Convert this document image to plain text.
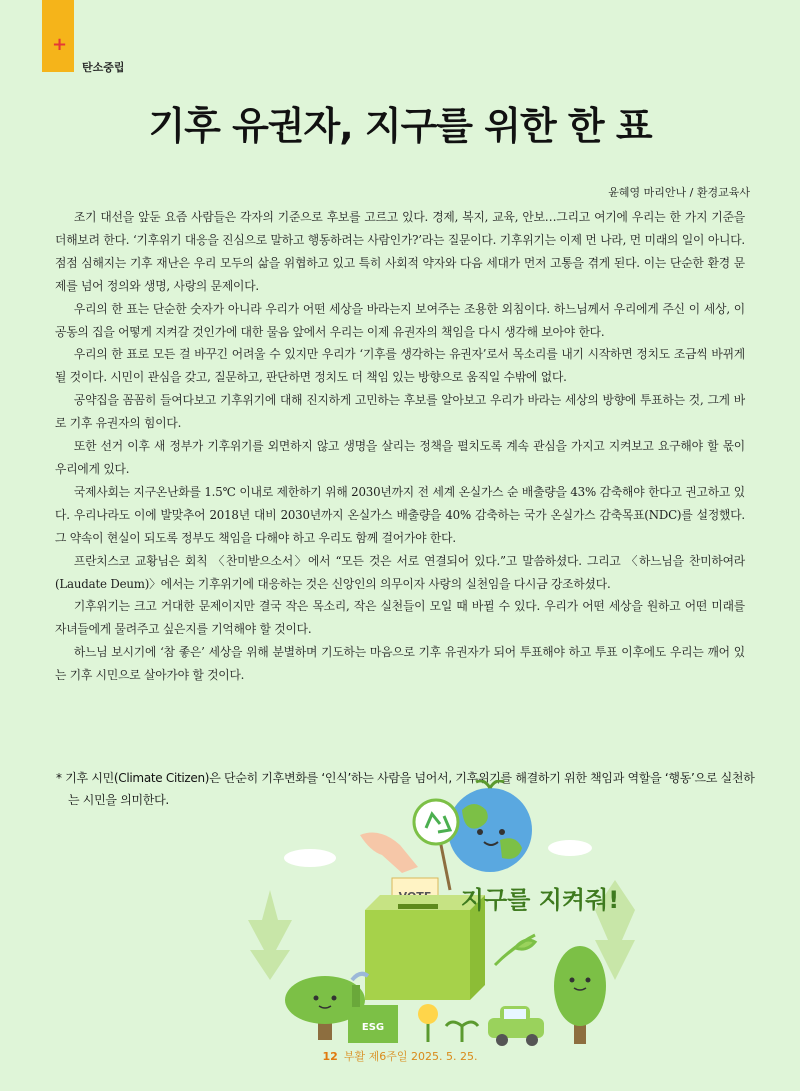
+
탄소중립
기후 유권자, 지구를 위한 한 표
윤혜영 마리안나 / 환경교육사

조기 대선을 앞둔 요즘 사람들은 각자의 기준으로 후보를 고르고 있다. 경제, 복지, 교육, 안보…그리고 여기에 우리는 한 가지 기준을 더해보려 한다. ‘기후위기 대응을 진심으로 말하고 행동하려는 사람인가?’라는 질문이다. 기후위기는 이제 먼 나라, 먼 미래의 일이 아니다. 점점 심해지는 기후 재난은 우리 모두의 삶을 위협하고 있고 특히 사회적 약자와 다음 세대가 먼저 고통을 겪게 된다. 이는 단순한 환경 문제를 넘어 정의와 생명, 사랑의 문제이다.

우리의 한 표는 단순한 숫자가 아니라 우리가 어떤 세상을 바라는지 보여주는 조용한 외침이다. 하느님께서 우리에게 주신 이 세상, 이 공동의 집을 어떻게 지켜갈 것인가에 대한 물음 앞에서 우리는 이제 유권자의 책임을 다시 생각해 보아야 한다.

우리의 한 표로 모든 걸 바꾸긴 어려울 수 있지만 우리가 ‘기후를 생각하는 유권자’로서 목소리를 내기 시작하면 정치도 조금씩 바뀌게 될 것이다. 시민이 관심을 갖고, 질문하고, 판단하면 정치도 더 책임 있는 방향으로 움직일 수밖에 없다.

공약집을 꼼꼼히 들여다보고 기후위기에 대해 진지하게 고민하는 후보를 알아보고 우리가 바라는 세상의 방향에 투표하는 것, 그게 바로 기후 유권자의 힘이다.

또한 선거 이후 새 정부가 기후위기를 외면하지 않고 생명을 살리는 정책을 펼치도록 계속 관심을 가지고 지켜보고 요구해야 할 몫이 우리에게 있다.

국제사회는 지구온난화를 1.5℃ 이내로 제한하기 위해 2030년까지 전 세계 온실가스 순 배출량을 43% 감축해야 한다고 권고하고 있다. 우리나라도 이에 발맞추어 2018년 대비 2030년까지 온실가스 배출량을 40% 감축하는 국가 온실가스 감축목표(NDC)를 설정했다. 그 약속이 현실이 되도록 정부도 책임을 다해야 하고 우리도 함께 걸어가야 한다.

프란치스코 교황님은 회칙 〈찬미받으소서〉에서 “모든 것은 서로 연결되어 있다.”고 말씀하셨다. 그리고 〈하느님을 찬미하여라(Laudate Deum)〉에서는 기후위기에 대응하는 것은 신앙인의 의무이자 사랑의 실천임을 다시금 강조하셨다.

기후위기는 크고 거대한 문제이지만 결국 작은 목소리, 작은 실천들이 모일 때 바뀔 수 있다. 우리가 어떤 세상을 원하고 어떤 미래를 자녀들에게 물려주고 싶은지를 기억해야 할 것이다.

하느님 보시기에 ‘참 좋은’ 세상을 위해 분별하며 기도하는 마음으로 기후 유권자가 되어 투표해야 하고 투표 이후에도 우리는 깨어 있는 기후 시민으로 살아가야 할 것이다.

* 기후 시민(Climate Citizen)은 단순히 기후변화를 ‘인식’하는 사람을 넘어서, 기후위기를 해결하기 위한 책임과 역할을 ‘행동’으로 실천하는 시민을 의미한다.
지구를 지켜줘!
ESG
12 부활 제6주일 2025. 5. 25.
